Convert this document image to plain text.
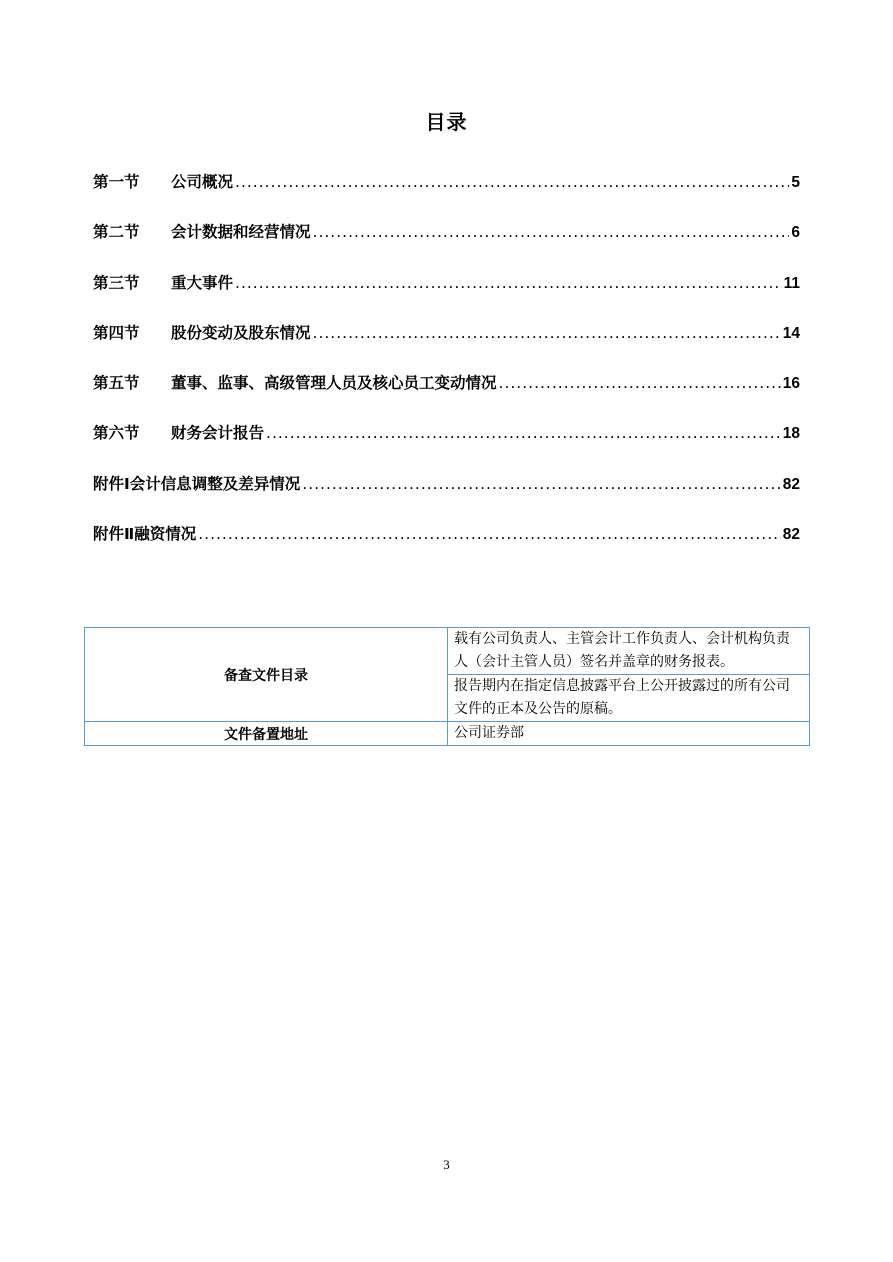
目录
第一节 公司概况 .....	5
第二节 会计数据和经营情况 .....	6
第三节 重大事件 .....	11
第四节 股份变动及股东情况 .....	14
第五节 董事、监事、高级管理人员及核心员工变动情况 .....	16
第六节 财务会计报告 .....	18
附件Ⅰ会计信息调整及差异情况 .....	82
附件Ⅱ融资情况 .....	82
备查文件目录	载有公司负责人、主管会计工作负责人、会计机构负责人（会计主管人员）签名并盖章的财务报表。
	报告期内在指定信息披露平台上公开披露过的所有公司文件的正本及公告的原稿。
文件备置地址	公司证券部
3
